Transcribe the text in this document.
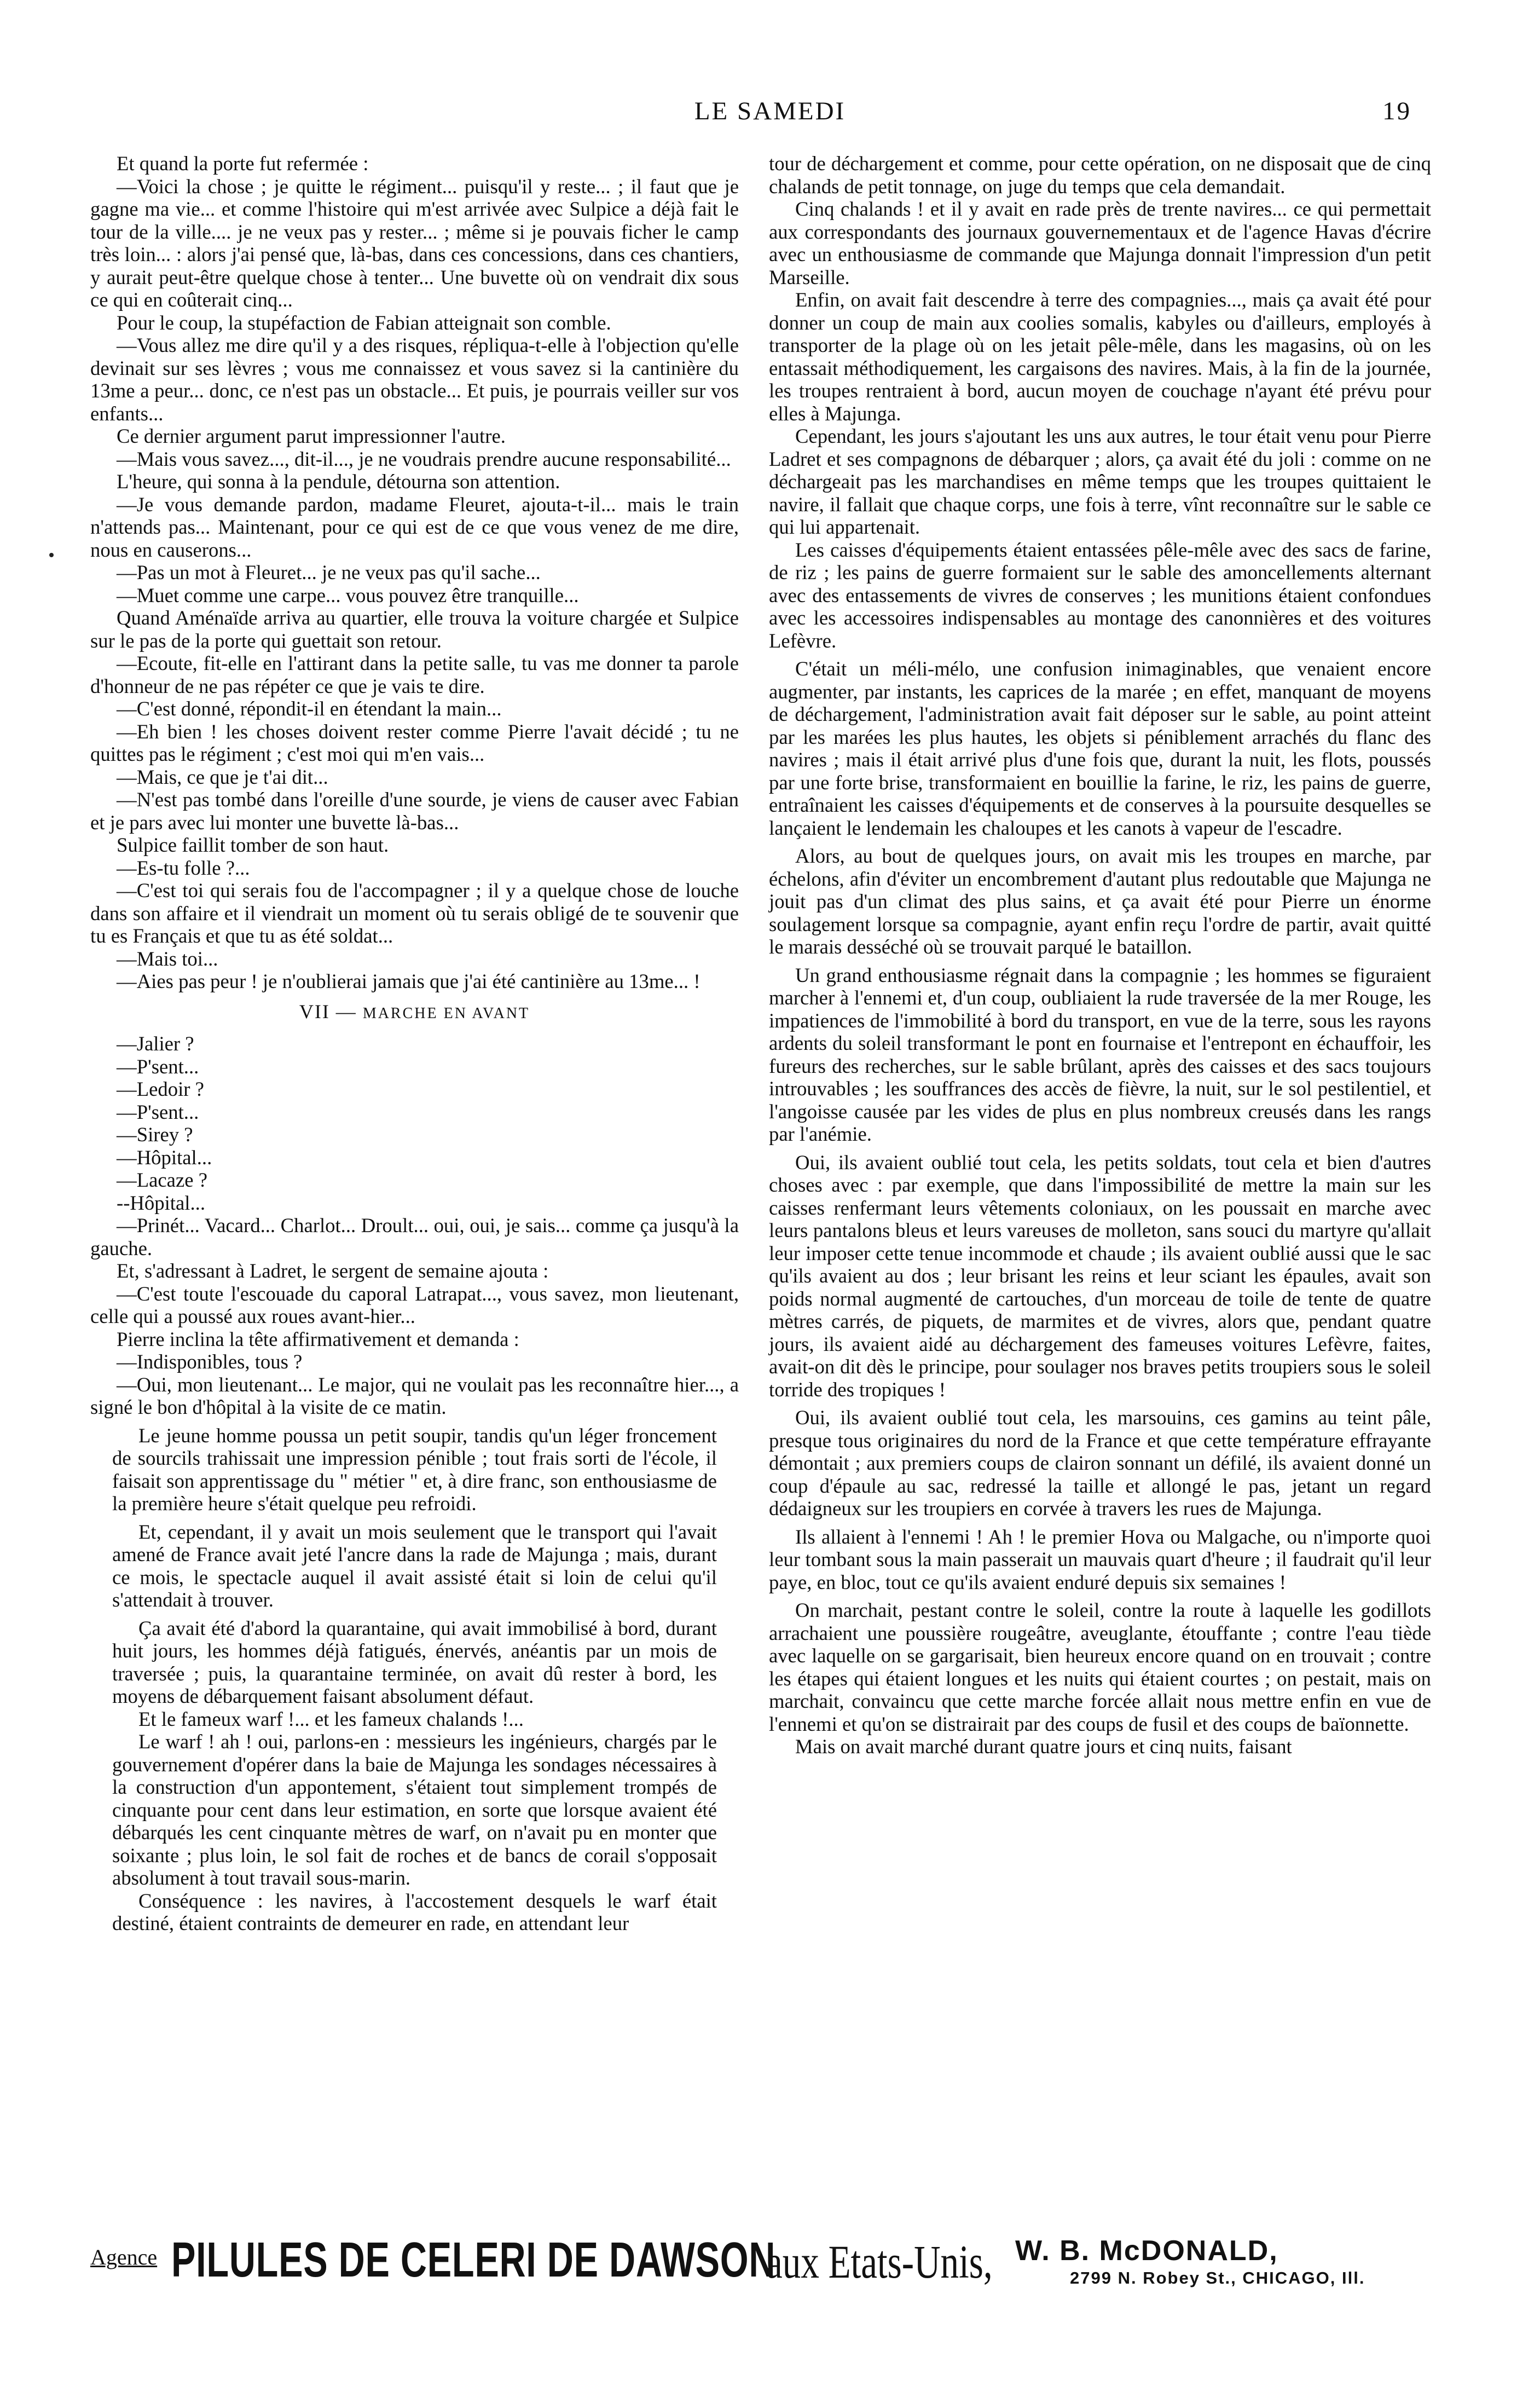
LE SAMEDI	19

Et quand la porte fut refermée :

—Voici la chose ; je quitte le régiment... puisqu'il y reste... ; il faut que je gagne ma vie... et comme l'histoire qui m'est arrivée avec Sulpice a déjà fait le tour de la ville.... je ne veux pas y rester... ; même si je pouvais ficher le camp très loin... : alors j'ai pensé que, là-bas, dans ces concessions, dans ces chantiers, y aurait peut-être quelque chose à tenter... Une buvette où on vendrait dix sous ce qui en coûterait cinq...

Pour le coup, la stupéfaction de Fabian atteignait son comble.

—Vous allez me dire qu'il y a des risques, répliqua-t-elle à l'objection qu'elle devinait sur ses lèvres ; vous me connaissez et vous savez si la cantinière du 13me a peur... donc, ce n'est pas un obstacle... Et puis, je pourrais veiller sur vos enfants...

Ce dernier argument parut impressionner l'autre.

—Mais vous savez..., dit-il..., je ne voudrais prendre aucune responsabilité...

L'heure, qui sonna à la pendule, détourna son attention.

—Je vous demande pardon, madame Fleuret, ajouta-t-il... mais le train n'attends pas... Maintenant, pour ce qui est de ce que vous venez de me dire, nous en causerons...

—Pas un mot à Fleuret... je ne veux pas qu'il sache...

—Muet comme une carpe... vous pouvez être tranquille...

Quand Aménaïde arriva au quartier, elle trouva la voiture chargée et Sulpice sur le pas de la porte qui guettait son retour.

—Ecoute, fit-elle en l'attirant dans la petite salle, tu vas me donner ta parole d'honneur de ne pas répéter ce que je vais te dire.

—C'est donné, répondit-il en étendant la main...

—Eh bien ! les choses doivent rester comme Pierre l'avait décidé ; tu ne quittes pas le régiment ; c'est moi qui m'en vais...

—Mais, ce que je t'ai dit...

—N'est pas tombé dans l'oreille d'une sourde, je viens de causer avec Fabian et je pars avec lui monter une buvette là-bas...

Sulpice faillit tomber de son haut.

—Es-tu folle ?...

—C'est toi qui serais fou de l'accompagner ; il y a quelque chose de louche dans son affaire et il viendrait un moment où tu serais obligé de te souvenir que tu es Français et que tu as été soldat...

—Mais toi...

—Aies pas peur ! je n'oublierai jamais que j'ai été cantinière au 13me... !

VII — MARCHE EN AVANT

—Jalier ?

—P'sent...

—Ledoir ?

—P'sent...

—Sirey ?

—Hôpital...

—Lacaze ?

--Hôpital...

—Prinét... Vacard... Charlot... Droult... oui, oui, je sais... comme ça jusqu'à la gauche.

Et, s'adressant à Ladret, le sergent de semaine ajouta :

—C'est toute l'escouade du caporal Latrapat..., vous savez, mon lieutenant, celle qui a poussé aux roues avant-hier...

Pierre inclina la tête affirmativement et demanda :

—Indisponibles, tous ?

—Oui, mon lieutenant... Le major, qui ne voulait pas les reconnaître hier..., a signé le bon d'hôpital à la visite de ce matin.

Le jeune homme poussa un petit soupir, tandis qu'un léger froncement de sourcils trahissait une impression pénible ; tout frais sorti de l'école, il faisait son apprentissage du " métier " et, à dire franc, son enthousiasme de la première heure s'était quelque peu refroidi.

Et, cependant, il y avait un mois seulement que le transport qui l'avait amené de France avait jeté l'ancre dans la rade de Majunga ; mais, durant ce mois, le spectacle auquel il avait assisté était si loin de celui qu'il s'attendait à trouver.

Ça avait été d'abord la quarantaine, qui avait immobilisé à bord, durant huit jours, les hommes déjà fatigués, énervés, anéantis par un mois de traversée ; puis, la quarantaine terminée, on avait dû rester à bord, les moyens de débarquement faisant absolument défaut.

Et le fameux warf !... et les fameux chalands !...

Le warf ! ah ! oui, parlons-en : messieurs les ingénieurs, chargés par le gouvernement d'opérer dans la baie de Majunga les sondages nécessaires à la construction d'un appontement, s'étaient tout simplement trompés de cinquante pour cent dans leur estimation, en sorte que lorsque avaient été débarqués les cent cinquante mètres de warf, on n'avait pu en monter que soixante ; plus loin, le sol fait de roches et de bancs de corail s'opposait absolument à tout travail sous-marin.

Conséquence : les navires, à l'accostement desquels le warf était destiné, étaient contraints de demeurer en rade, en attendant leur

tour de déchargement et comme, pour cette opération, on ne disposait que de cinq chalands de petit tonnage, on juge du temps que cela demandait.

Cinq chalands ! et il y avait en rade près de trente navires... ce qui permettait aux correspondants des journaux gouvernementaux et de l'agence Havas d'écrire avec un enthousiasme de commande que Majunga donnait l'impression d'un petit Marseille.

Enfin, on avait fait descendre à terre des compagnies..., mais ça avait été pour donner un coup de main aux coolies somalis, kabyles ou d'ailleurs, employés à transporter de la plage où on les jetait pêle-mêle, dans les magasins, où on les entassait méthodiquement, les cargaisons des navires. Mais, à la fin de la journée, les troupes rentraient à bord, aucun moyen de couchage n'ayant été prévu pour elles à Majunga.

Cependant, les jours s'ajoutant les uns aux autres, le tour était venu pour Pierre Ladret et ses compagnons de débarquer ; alors, ça avait été du joli : comme on ne déchargeait pas les marchandises en même temps que les troupes quittaient le navire, il fallait que chaque corps, une fois à terre, vînt reconnaître sur le sable ce qui lui appartenait.

Les caisses d'équipements étaient entassées pêle-mêle avec des sacs de farine, de riz ; les pains de guerre formaient sur le sable des amoncellements alternant avec des entassements de vivres de conserves ; les munitions étaient confondues avec les accessoires indispensables au montage des canonnières et des voitures Lefèvre.

C'était un méli-mélo, une confusion inimaginables, que venaient encore augmenter, par instants, les caprices de la marée ; en effet, manquant de moyens de déchargement, l'administration avait fait déposer sur le sable, au point atteint par les marées les plus hautes, les objets si péniblement arrachés du flanc des navires ; mais il était arrivé plus d'une fois que, durant la nuit, les flots, poussés par une forte brise, transformaient en bouillie la farine, le riz, les pains de guerre, entraînaient les caisses d'équipements et de conserves à la poursuite desquelles se lançaient le lendemain les chaloupes et les canots à vapeur de l'escadre.

Alors, au bout de quelques jours, on avait mis les troupes en marche, par échelons, afin d'éviter un encombrement d'autant plus redoutable que Majunga ne jouit pas d'un climat des plus sains, et ça avait été pour Pierre un énorme soulagement lorsque sa compagnie, ayant enfin reçu l'ordre de partir, avait quitté le marais desséché où se trouvait parqué le bataillon.

Un grand enthousiasme régnait dans la compagnie ; les hommes se figuraient marcher à l'ennemi et, d'un coup, oubliaient la rude traversée de la mer Rouge, les impatiences de l'immobilité à bord du transport, en vue de la terre, sous les rayons ardents du soleil transformant le pont en fournaise et l'entrepont en échauffoir, les fureurs des recherches, sur le sable brûlant, après des caisses et des sacs toujours introuvables ; les souffrances des accès de fièvre, la nuit, sur le sol pestilentiel, et l'angoisse causée par les vides de plus en plus nombreux creusés dans les rangs par l'anémie.

Oui, ils avaient oublié tout cela, les petits soldats, tout cela et bien d'autres choses avec : par exemple, que dans l'impossibilité de mettre la main sur les caisses renfermant leurs vêtements coloniaux, on les poussait en marche avec leurs pantalons bleus et leurs vareuses de molleton, sans souci du martyre qu'allait leur imposer cette tenue incommode et chaude ; ils avaient oublié aussi que le sac qu'ils avaient au dos ; leur brisant les reins et leur sciant les épaules, avait son poids normal augmenté de cartouches, d'un morceau de toile de tente de quatre mètres carrés, de piquets, de marmites et de vivres, alors que, pendant quatre jours, ils avaient aidé au déchargement des fameuses voitures Lefèvre, faites, avait-on dit dès le principe, pour soulager nos braves petits troupiers sous le soleil torride des tropiques !

Oui, ils avaient oublié tout cela, les marsouins, ces gamins au teint pâle, presque tous originaires du nord de la France et que cette température effrayante démontait ; aux premiers coups de clairon sonnant un défilé, ils avaient donné un coup d'épaule au sac, redressé la taille et allongé le pas, jetant un regard dédaigneux sur les troupiers en corvée à travers les rues de Majunga.

Ils allaient à l'ennemi ! Ah ! le premier Hova ou Malgache, ou n'importe quoi leur tombant sous la main passerait un mauvais quart d'heure ; il faudrait qu'il leur paye, en bloc, tout ce qu'ils avaient enduré depuis six semaines !

On marchait, pestant contre le soleil, contre la route à laquelle les godillots arrachaient une poussière rougeâtre, aveuglante, étouffante ; contre l'eau tiède avec laquelle on se gargarisait, bien heureux encore quand on en trouvait ; contre les étapes qui étaient longues et les nuits qui étaient courtes ; on pestait, mais on marchait, convaincu que cette marche forcée allait nous mettre enfin en vue de l'ennemi et qu'on se distrairait par des coups de fusil et des coups de baïonnette.

Mais on avait marché durant quatre jours et cinq nuits, faisant

Agence PILULES DE CELERI DE DAWSON
aux Etats-Unis, W. B. McDONALD,
2799 N. Robey St., CHICAGO, Ill.
